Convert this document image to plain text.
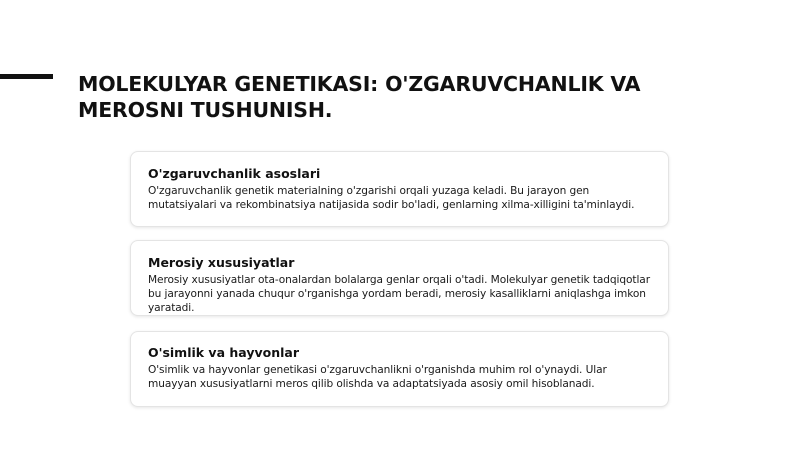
MOLEKULYAR GENETIKASI: O'ZGARUVCHANLIK VA MEROSNI TUSHUNISH.
O'zgaruvchanlik asoslari

O'zgaruvchanlik genetik materialning o'zgarishi orqali yuzaga keladi. Bu jarayon gen mutatsiyalari va rekombinatsiya natijasida sodir bo'ladi, genlarning xilma-xilligini ta'minlaydi.

Merosiy xususiyatlar

Merosiy xususiyatlar ota-onalardan bolalarga genlar orqali o'tadi. Molekulyar genetik tadqiqotlar bu jarayonni yanada chuqur o'rganishga yordam beradi, merosiy kasalliklarni aniqlashga imkon yaratadi.

O'simlik va hayvonlar

O'simlik va hayvonlar genetikasi o'zgaruvchanlikni o'rganishda muhim rol o'ynaydi. Ular muayyan xususiyatlarni meros qilib olishda va adaptatsiyada asosiy omil hisoblanadi.
